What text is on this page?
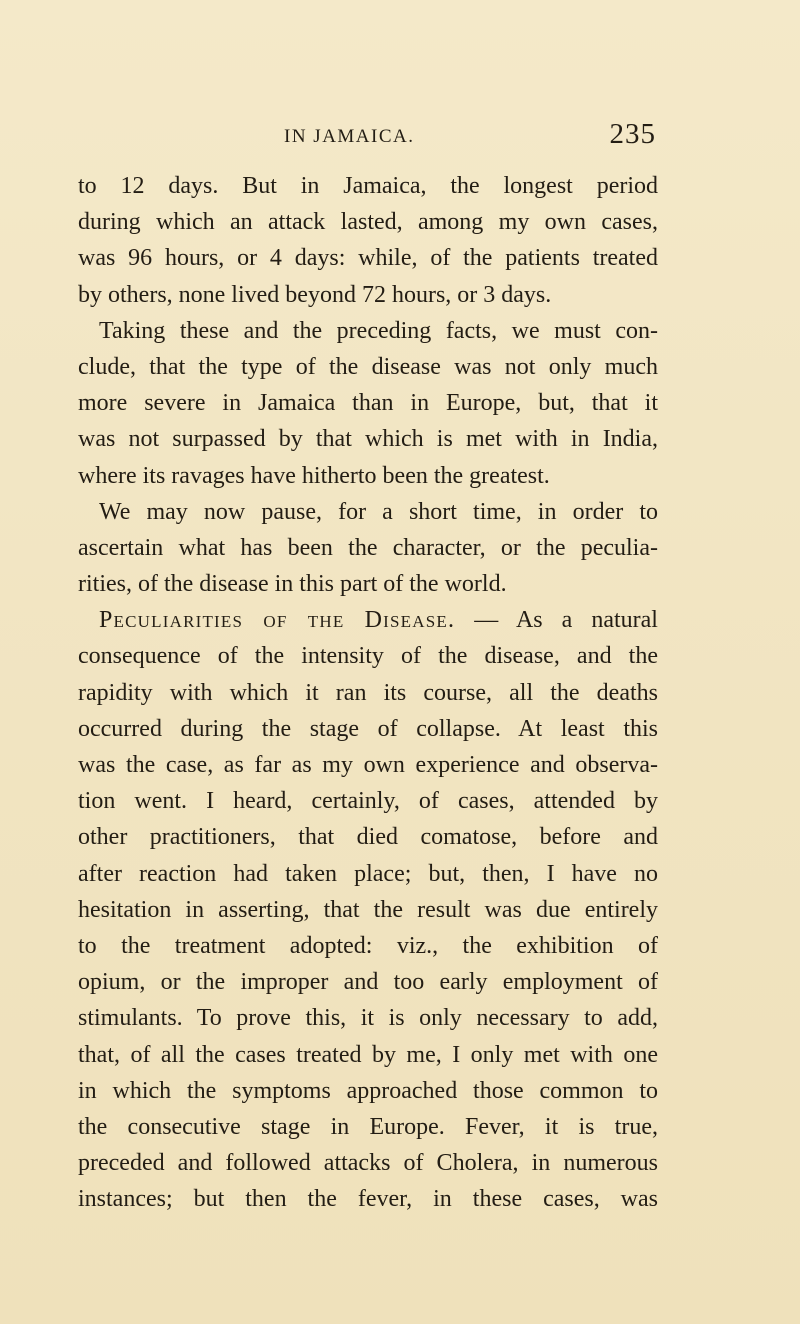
IN JAMAICA.	235
to 12 days. But in Jamaica, the longest period
during which an attack lasted, among my own cases,
was 96 hours, or 4 days: while, of the patients treated
by others, none lived beyond 72 hours, or 3 days.
Taking these and the preceding facts, we must con-
clude, that the type of the disease was not only much
more severe in Jamaica than in Europe, but, that it
was not surpassed by that which is met with in India,
where its ravages have hitherto been the greatest.
We may now pause, for a short time, in order to
ascertain what has been the character, or the peculia-
rities, of the disease in this part of the world.
Peculiarities of the Disease. — As a natural
consequence of the intensity of the disease, and the
rapidity with which it ran its course, all the deaths
occurred during the stage of collapse. At least this
was the case, as far as my own experience and observa-
tion went. I heard, certainly, of cases, attended by
other practitioners, that died comatose, before and
after reaction had taken place; but, then, I have no
hesitation in asserting, that the result was due entirely
to the treatment adopted: viz., the exhibition of
opium, or the improper and too early employment of
stimulants. To prove this, it is only necessary to add,
that, of all the cases treated by me, I only met with one
in which the symptoms approached those common to
the consecutive stage in Europe. Fever, it is true,
preceded and followed attacks of Cholera, in numerous
instances; but then the fever, in these cases, was
